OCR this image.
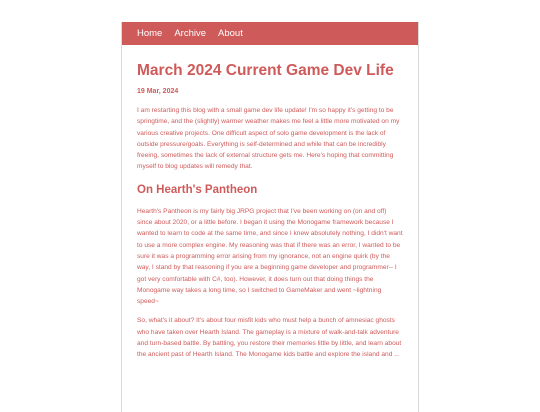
Home Archive About
March 2024 Current Game Dev Life
19 Mar, 2024

I am restarting this blog with a small game dev life update! I'm so happy it's getting to be springtime, and the (slightly) warmer weather makes me feel a little more motivated on my various creative projects. One difficult aspect of solo game development is the lack of outside pressure/goals. Everything is self-determined and while that can be incredibly freeing, sometimes the lack of external structure gets me. Here's hoping that committing myself to blog updates will remedy that.

On Hearth's Pantheon

Hearth's Pantheon is my fairly big JRPG project that I've been working on (on and off) since about 2020, or a little before. I began it using the Monogame framework because I wanted to learn to code at the same time, and since I knew absolutely nothing, I didn't want to use a more complex engine. My reasoning was that if there was an error, I wanted to be sure it was a programming error arising from my ignorance, not an engine quirk (by the way, I stand by that reasoning if you are a beginning game developer and programmer-- I got very comfortable with C#, too). However, it does turn out that doing things the Monogame way takes a long time, so I switched to GameMaker and went ~lightning speed~

So, what's it about? It's about four misfit kids who must help a bunch of amnesiac ghosts who have taken over Hearth Island. The gameplay is a mixture of walk-and-talk adventure and turn-based battle. By battling, you restore their memories little by little, and learn about the ancient past of Hearth Island. The Monogame kids battle and explore the island and ...
